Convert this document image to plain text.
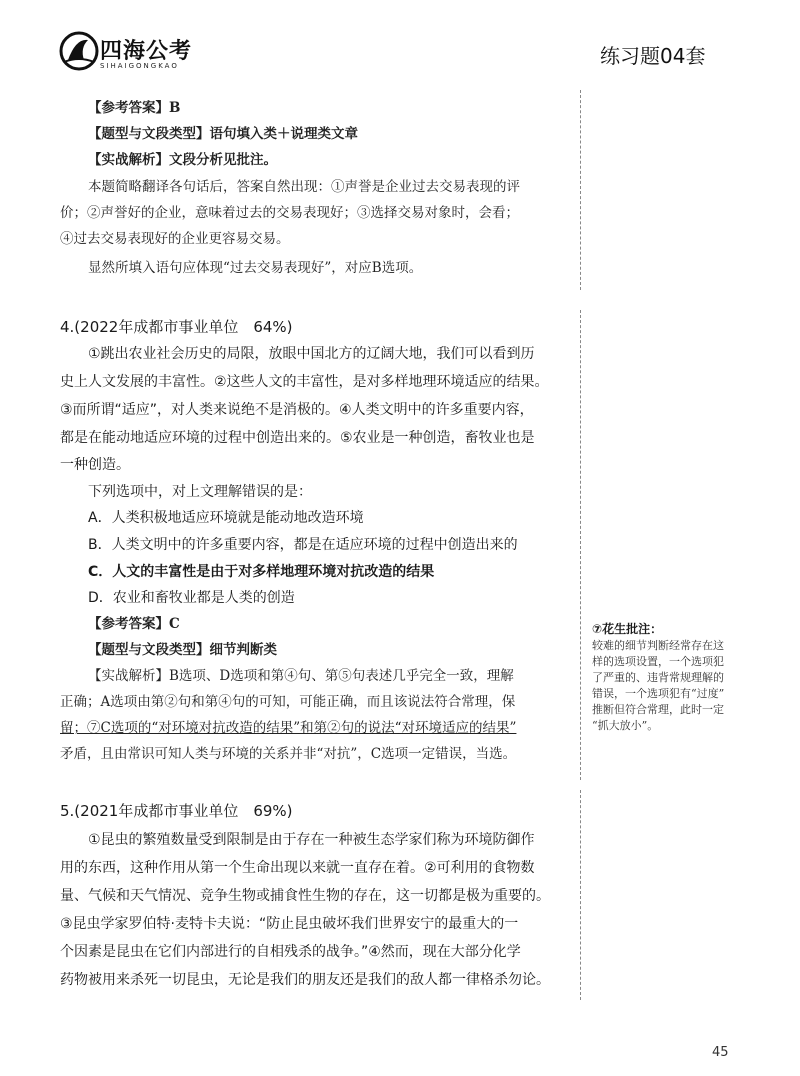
四海公考
SIHAIGONGKAO	练习题04套
【参考答案】B
【题型与文段类型】语句填入类＋说理类文章
【实战解析】文段分析见批注。
本题简略翻译各句话后，答案自然出现：①声誉是企业过去交易表现的评
价；②声誉好的企业，意味着过去的交易表现好；③选择交易对象时，会看；
④过去交易表现好的企业更容易交易。
显然所填入语句应体现“过去交易表现好”，对应B选项。
4.(2022年成都市事业单位　64%)
①跳出农业社会历史的局限，放眼中国北方的辽阔大地，我们可以看到历
史上人文发展的丰富性。②这些人文的丰富性，是对多样地理环境适应的结果。
③而所谓“适应”，对人类来说绝不是消极的。④人类文明中的许多重要内容，
都是在能动地适应环境的过程中创造出来的。⑤农业是一种创造，畜牧业也是
一种创造。
下列选项中，对上文理解错误的是：
A．人类积极地适应环境就是能动地改造环境
B．人类文明中的许多重要内容，都是在适应环境的过程中创造出来的
C．人文的丰富性是由于对多样地理环境对抗改造的结果
D．农业和畜牧业都是人类的创造
【参考答案】C
【题型与文段类型】细节判断类
【实战解析】B选项、D选项和第④句、第⑤句表述几乎完全一致，理解
正确；A选项由第②句和第④句的可知，可能正确，而且该说法符合常理，保
留；⑦C选项的“对环境对抗改造的结果”和第②句的说法“对环境适应的结果”
矛盾，且由常识可知人类与环境的关系并非“对抗”，C选项一定错误，当选。
⑦花生批注：
较难的细节判断经常存在这
样的选项设置，一个选项犯
了严重的、违背常规理解的
错误，一个选项犯有“过度”
推断但符合常理，此时一定
“抓大放小”。
5.(2021年成都市事业单位　69%)
①昆虫的繁殖数量受到限制是由于存在一种被生态学家们称为环境防御作
用的东西，这种作用从第一个生命出现以来就一直存在着。②可利用的食物数
量、气候和天气情况、竞争生物或捕食性生物的存在，这一切都是极为重要的。
③昆虫学家罗伯特·麦特卡夫说：“防止昆虫破坏我们世界安宁的最重大的一
个因素是昆虫在它们内部进行的自相残杀的战争。”④然而，现在大部分化学
药物被用来杀死一切昆虫，无论是我们的朋友还是我们的敌人都一律格杀勿论。
45
